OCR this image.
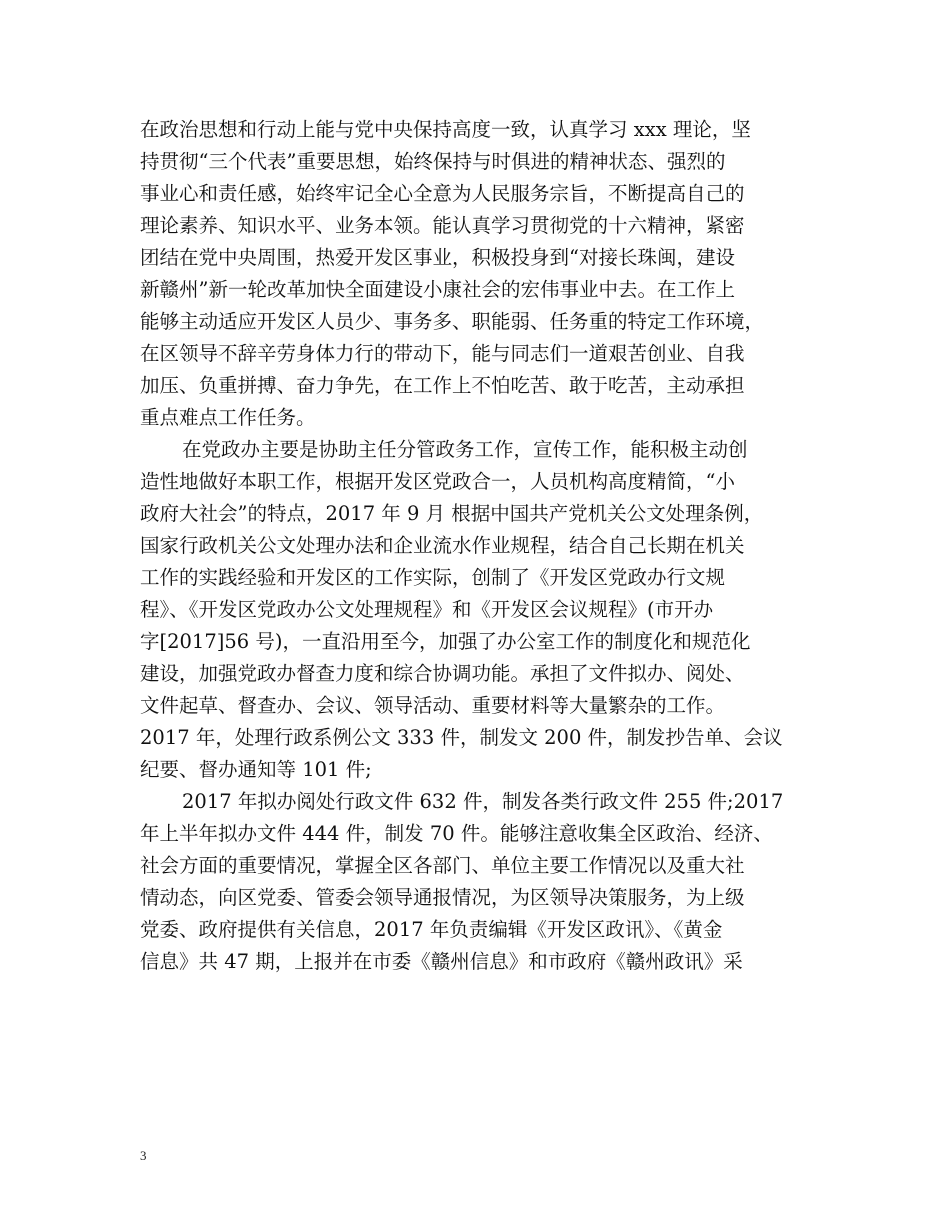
在政治思想和行动上能与党中央保持高度一致，认真学习 xxx 理论，坚
持贯彻“三个代表”重要思想，始终保持与时俱进的精神状态、强烈的
事业心和责任感，始终牢记全心全意为人民服务宗旨，不断提高自己的
理论素养、知识水平、业务本领。能认真学习贯彻党的十六精神，紧密
团结在党中央周围，热爱开发区事业，积极投身到“对接长珠闽，建设
新赣州”新一轮改革加快全面建设小康社会的宏伟事业中去。在工作上
能够主动适应开发区人员少、事务多、职能弱、任务重的特定工作环境，
在区领导不辞辛劳身体力行的带动下，能与同志们一道艰苦创业、自我
加压、负重拼搏、奋力争先，在工作上不怕吃苦、敢于吃苦，主动承担
重点难点工作任务。
在党政办主要是协助主任分管政务工作，宣传工作，能积极主动创
造性地做好本职工作，根据开发区党政合一，人员机构高度精简，“小
政府大社会”的特点，2017 年 9 月 根据中国共产党机关公文处理条例，
国家行政机关公文处理办法和企业流水作业规程，结合自己长期在机关
工作的实践经验和开发区的工作实际，创制了《开发区党政办行文规
程》、《开发区党政办公文处理规程》和《开发区会议规程》(市开办
字[2017]56 号)，一直沿用至今，加强了办公室工作的制度化和规范化
建设，加强党政办督查力度和综合协调功能。承担了文件拟办、阅处、
文件起草、督查办、会议、领导活动、重要材料等大量繁杂的工作。
2017 年，处理行政系例公文 333 件，制发文 200 件，制发抄告单、会议
纪要、督办通知等 101 件;
2017 年拟办阅处行政文件 632 件，制发各类行政文件 255 件;2017
年上半年拟办文件 444 件，制发 70 件。能够注意收集全区政治、经济、
社会方面的重要情况，掌握全区各部门、单位主要工作情况以及重大社
情动态，向区党委、管委会领导通报情况，为区领导决策服务，为上级
党委、政府提供有关信息，2017 年负责编辑《开发区政讯》、《黄金
信息》共 47 期，上报并在市委《赣州信息》和市政府《赣州政讯》采
3
